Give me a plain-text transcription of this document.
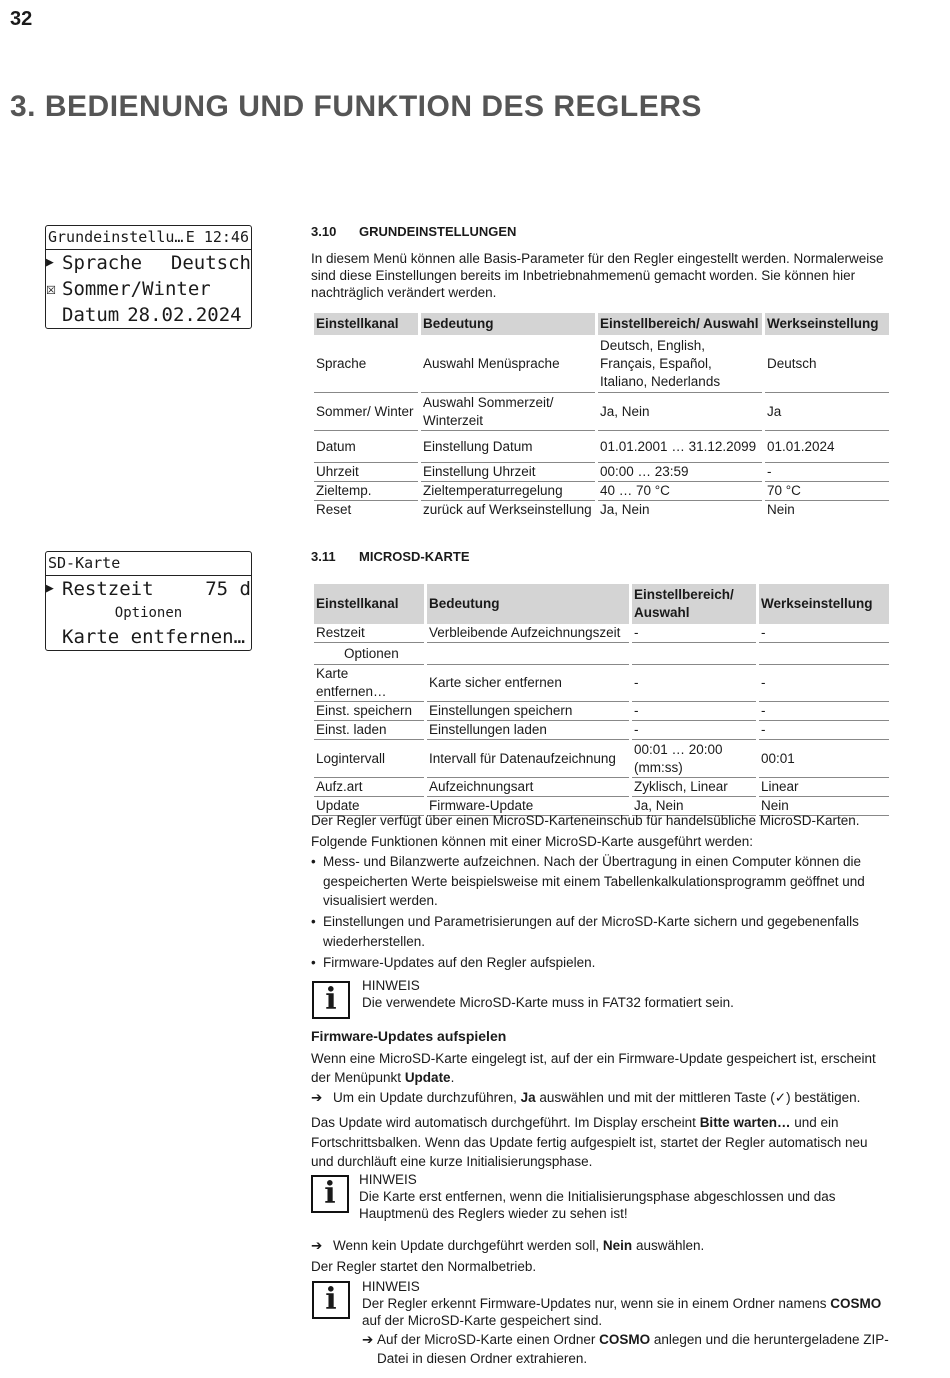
32
3. BEDIENUNG UND FUNKTION DES REGLERS
Grundeinstellu… E 12:46
▶ Sprache Deutsch
☒ Sommer/Winter
Datum 28.02.2024
SD-Karte
▶ Restzeit	75 d
Optionen
Karte entfernen…
3.10 GRUNDEINSTELLUNGEN
In diesem Menü können alle Basis-Parameter für den Regler eingestellt werden. Normalerweise sind diese Einstellungen bereits im Inbetriebnahmemenü gemacht worden. Sie können hier nachträglich verändert werden.
Einstellkanal	Bedeutung	Einstellbereich/ Auswahl	Werkseinstellung
Sprache	Auswahl Menüsprache	Deutsch, English, Français, Español, Italiano, Nederlands	Deutsch
Sommer/ Winter	Auswahl Sommerzeit/ Winterzeit	Ja, Nein	Ja
Datum	Einstellung Datum	01.01.2001 … 31.12.2099	01.01.2024
Uhrzeit	Einstellung Uhrzeit	00:00 … 23:59	-
Zieltemp.	Zieltemperaturregelung	40 … 70 °C	70 °C
Reset	zurück auf Werkseinstellung	Ja, Nein	Nein
3.11 MICROSD-KARTE
Einstellkanal	Bedeutung	Einstellbereich/ Auswahl	Werkseinstellung
Restzeit	Verbleibende Aufzeichnungszeit	-	-
Optionen			
Karte entfernen…	Karte sicher entfernen	-	-
Einst. speichern	Einstellungen speichern	-	-
Einst. laden	Einstellungen laden	-	-
Logintervall	Intervall für Datenaufzeichnung	00:01 … 20:00 (mm:ss)	00:01
Aufz.art	Aufzeichnungsart	Zyklisch, Linear	Linear
Update	Firmware-Update	Ja, Nein	Nein
Der Regler verfügt über einen MicroSD-Karteneinschub für handelsübliche MicroSD-Karten.
Folgende Funktionen können mit einer MicroSD-Karte ausgeführt werden:
• Mess- und Bilanzwerte aufzeichnen. Nach der Übertragung in einen Computer können die gespeicherten Werte beispielsweise mit einem Tabellenkalkulationsprogramm geöffnet und visualisiert werden.
• Einstellungen und Parametrisierungen auf der MicroSD-Karte sichern und gegebenenfalls wiederherstellen.
• Firmware-Updates auf den Regler aufspielen.
i HINWEIS
Die verwendete MicroSD-Karte muss in FAT32 formatiert sein.
Firmware-Updates aufspielen
Wenn eine MicroSD-Karte eingelegt ist, auf der ein Firmware-Update gespeichert ist, erscheint der Menüpunkt Update.
➔ Um ein Update durchzuführen, Ja auswählen und mit der mittleren Taste (✓) bestätigen.
Das Update wird automatisch durchgeführt. Im Display erscheint Bitte warten… und ein Fortschrittsbalken. Wenn das Update fertig aufgespielt ist, startet der Regler automatisch neu und durchläuft eine kurze Initialisierungsphase.
i HINWEIS
Die Karte erst entfernen, wenn die Initialisierungsphase abgeschlossen und das Hauptmenü des Reglers wieder zu sehen ist!
➔ Wenn kein Update durchgeführt werden soll, Nein auswählen.
Der Regler startet den Normalbetrieb.
i HINWEIS
Der Regler erkennt Firmware-Updates nur, wenn sie in einem Ordner namens COSMO auf der MicroSD-Karte gespeichert sind.
➔ Auf der MicroSD-Karte einen Ordner COSMO anlegen und die heruntergeladene ZIP-Datei in diesen Ordner extrahieren.
